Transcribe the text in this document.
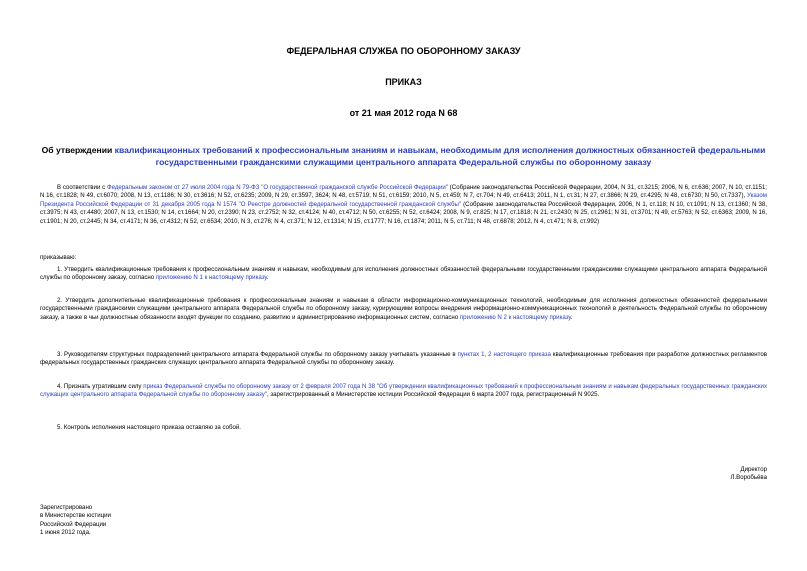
ФЕДЕРАЛЬНАЯ СЛУЖБА ПО ОБОРОННОМУ ЗАКАЗУ
ПРИКАЗ
от 21 мая 2012 года N 68
Об утверждении квалификационных требований к профессиональным знаниям и навыкам, необходимым для исполнения должностных обязанностей федеральными государственными гражданскими служащими центрального аппарата Федеральной службы по оборонному заказу
В соответствии с Федеральным законом от 27 июля 2004 года N 79-ФЗ "О государственной гражданской службе Российской Федерации" (Собрание законодательства Российской Федерации, 2004, N 31, ст.3215; 2006, N 6, ст.636; 2007, N 10, ст.1151; N 16, ст.1828; N 49, ст.6070; 2008, N 13, ст.1186; N 30, ст.3616; N 52, ст.6235; 2009, N 29, ст.3597, 3624; N 48, ст.5719; N 51, ст.6159; 2010, N 5, ст.459; N 7, ст.704; N 49, ст.6413; 2011, N 1, ст.31; N 27, ст.3866; N 29, ст.4295; N 48, ст.6730; N 50, ст.7337), Указом Президента Российской Федерации от 31 декабря 2005 года N 1574 "О Реестре должностей федеральной государственной гражданской службы" (Собрание законодательства Российской Федерации, 2006, N 1, ст.118; N 10, ст.1091; N 13, ст.1360; N 38, ст.3975; N 43, ст.4480; 2007, N 13, ст.1530; N 14, ст.1664; N 20, ст.2390; N 23, ст.2752; N 32, ст.4124; N 40, ст.4712; N 50, ст.6255; N 52, ст.6424; 2008, N 9, ст.825; N 17, ст.1818; N 21, ст.2430; N 25, ст.2961; N 31, ст.3701; N 49, ст.5763; N 52, ст.6363; 2009, N 16, ст.1901; N 20, ст.2445; N 34, ст.4171; N 36, ст.4312; N 52, ст.6534; 2010, N 3, ст.276; N 4, ст.371; N 12, ст.1314; N 15, ст.1777; N 16, ст.1874; 2011, N 5, ст.711; N 48, ст.6878; 2012, N 4, ст.471; N 8, ст.992)
приказываю:
1. Утвердить квалификационные требования к профессиональным знаниям и навыкам, необходимым для исполнения должностных обязанностей федеральными государственными гражданскими служащими центрального аппарата Федеральной службы по оборонному заказу, согласно приложению N 1 к настоящему приказу.
2. Утвердить дополнительные квалификационные требования к профессиональным знаниям и навыкам в области информационно-коммуникационных технологий, необходимым для исполнения должностных обязанностей федеральными государственными гражданскими служащими центрального аппарата Федеральной службы по оборонному заказу, курирующими вопросы внедрения информационно-коммуникационных технологий в деятельность Федеральной службы по оборонному заказу, а также в чьи должностные обязанности входят функции по созданию, развитию и администрированию информационных систем, согласно приложению N 2 к настоящему приказу.
3. Руководителям структурных подразделений центрального аппарата Федеральной службы по оборонному заказу учитывать указанные в пунктах 1, 2 настоящего приказа квалификационные требования при разработке должностных регламентов федеральных государственных гражданских служащих центрального аппарата Федеральной службы по оборонному заказу.
4. Признать утратившим силу приказ Федеральной службы по оборонному заказу от 2 февраля 2007 года N 38 "Об утверждении квалификационных требований к профессиональным знаниям и навыкам федеральных государственных гражданских служащих центрального аппарата Федеральной службы по оборонному заказу", зарегистрированный в Министерстве юстиции Российской Федерации 6 марта 2007 года, регистрационный N 9025.
5. Контроль исполнения настоящего приказа оставляю за собой.
Директор
Л.Воробьёва
Зарегистрировано
в Министерстве юстиции
Российской Федерации
1 июня 2012 года,
